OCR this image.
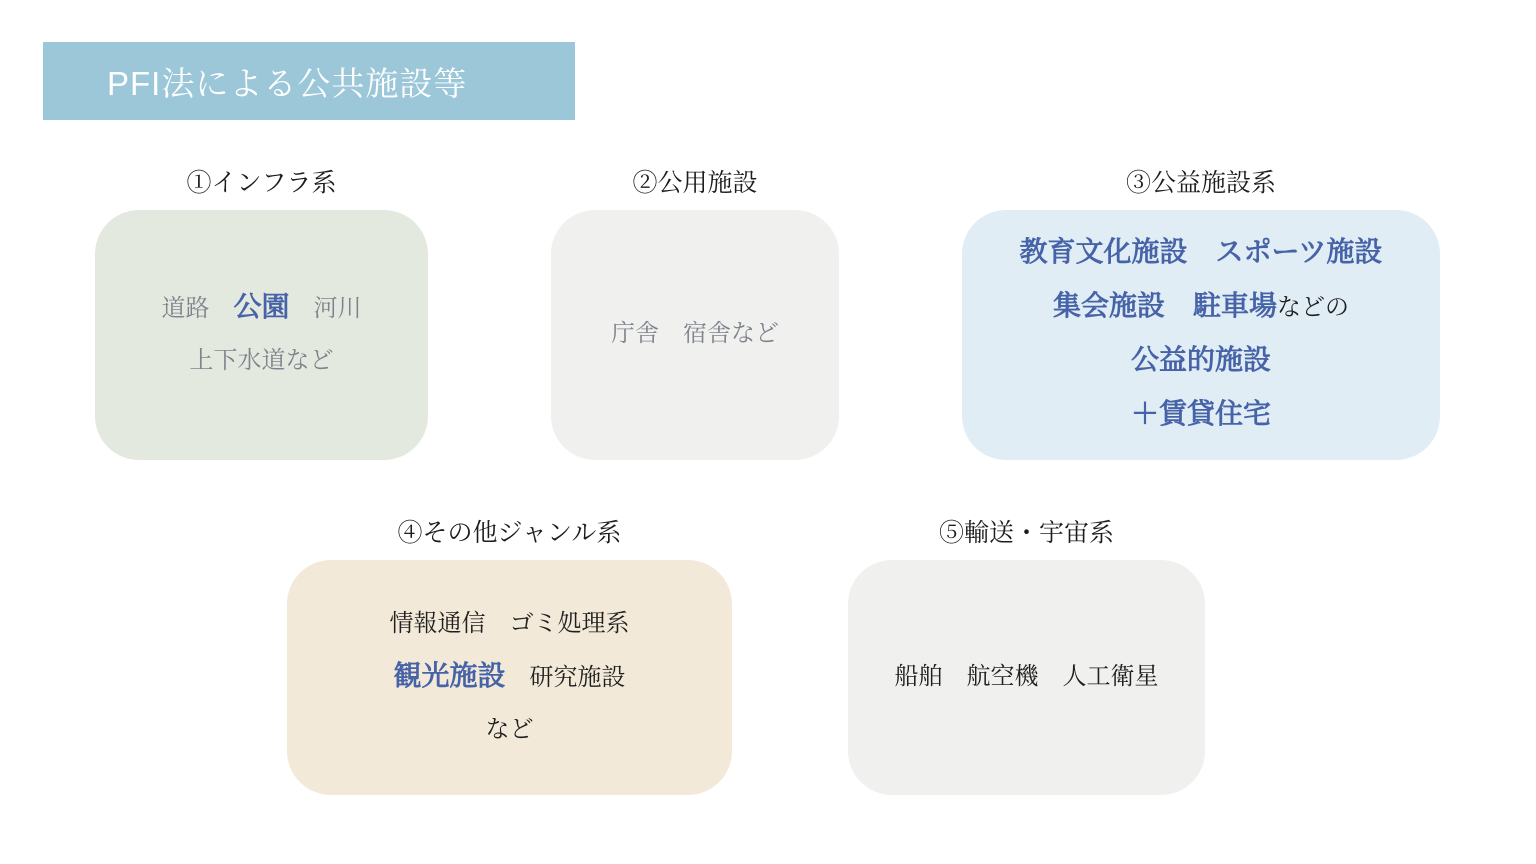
PFI法による公共施設等
①インフラ系
道路　公園　河川
上下水道など
②公用施設
庁舎　宿舎など
③公益施設系
教育文化施設　スポーツ施設
集会施設　駐車場などの
公益的施設
＋賃貸住宅
④その他ジャンル系
情報通信　ゴミ処理系
観光施設　研究施設
など
⑤輸送・宇宙系
船舶　航空機　人工衛星
